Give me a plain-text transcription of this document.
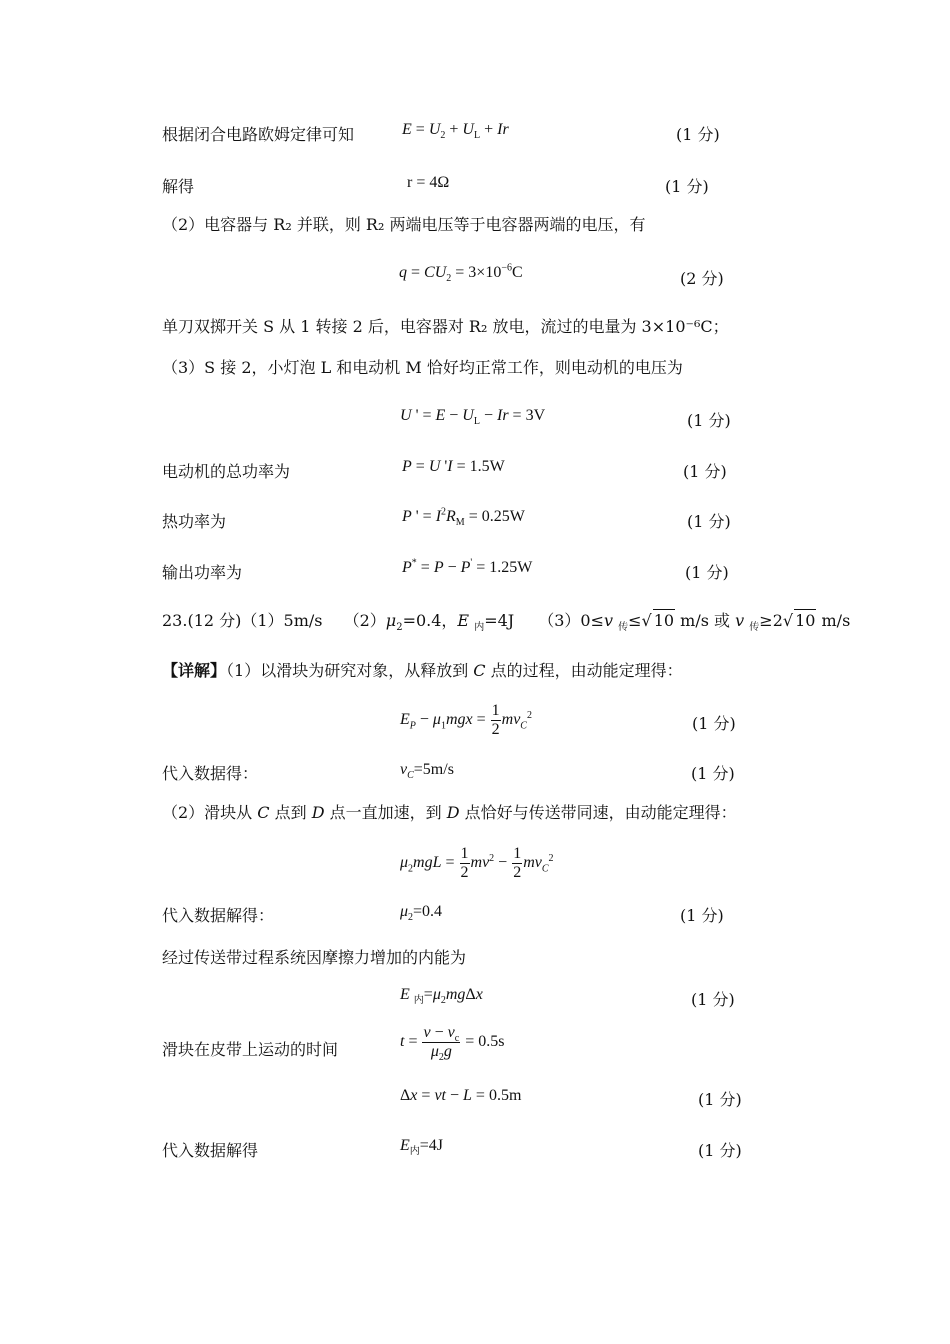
根据闭合电路欧姆定律可知	$E = U_2 + U_L + Ir$	(1 分)
解得	r = 4Ω	(1 分)
（2）电容器与 R₂ 并联，则 R₂ 两端电压等于电容器两端的电压，有
$q = CU_2 = 3\times 10^{-6}C$	(2 分)
单刀双掷开关 S 从 1 转接 2 后，电容器对 R₂ 放电，流过的电量为 3×10⁻⁶C；
（3）S 接 2，小灯泡 L 和电动机 M 恰好均正常工作，则电动机的电压为
U ' = $E - U_L - Ir = 3V$	(1 分)
电动机的总功率为	P = U 'I = 1.5W	(1 分)
热功率为	P ' = $I^2R_M = 0.25W$	(1 分)
输出功率为	P* = P − P' = 1.25W	(1 分)
23.(12 分)（1）5m/s　 $(2)\mu_2=0.4$，E $_内$=4J　　（3）0≤v $_传$≤√ 10 m/s 或 v $_传$≥2√ 10 m/s
【详解】（1）以滑块为研究对象，从释放到 C 点的过程，由动能定理得：
$E_P - \mu_1mgx = \frac{1}{2} mv_C^2$	(1 分)
代入数据得：	$v_C=5m/s$	(1 分)
（2）滑块从 C 点到 D 点一直加速，到 D 点恰好与传送带同速，由动能定理得：
$\mu_2mgL = \frac{1}{2} mv^2 - \frac{1}{2} mv_C^2$
代入数据解得：	$\mu_2=0.4$	(1 分)
经过传送带过程系统因摩擦力增加的内能为
E $_内=\mu_2mg\Delta x$	(1 分)
滑块在皮带上运动的时间	$t = \frac{v - v_c}{\mu_2g} = 0.5s$
Δx = vt − L = 0.5m	(1 分)
代入数据解得	$E_内=4J$	(1 分)
